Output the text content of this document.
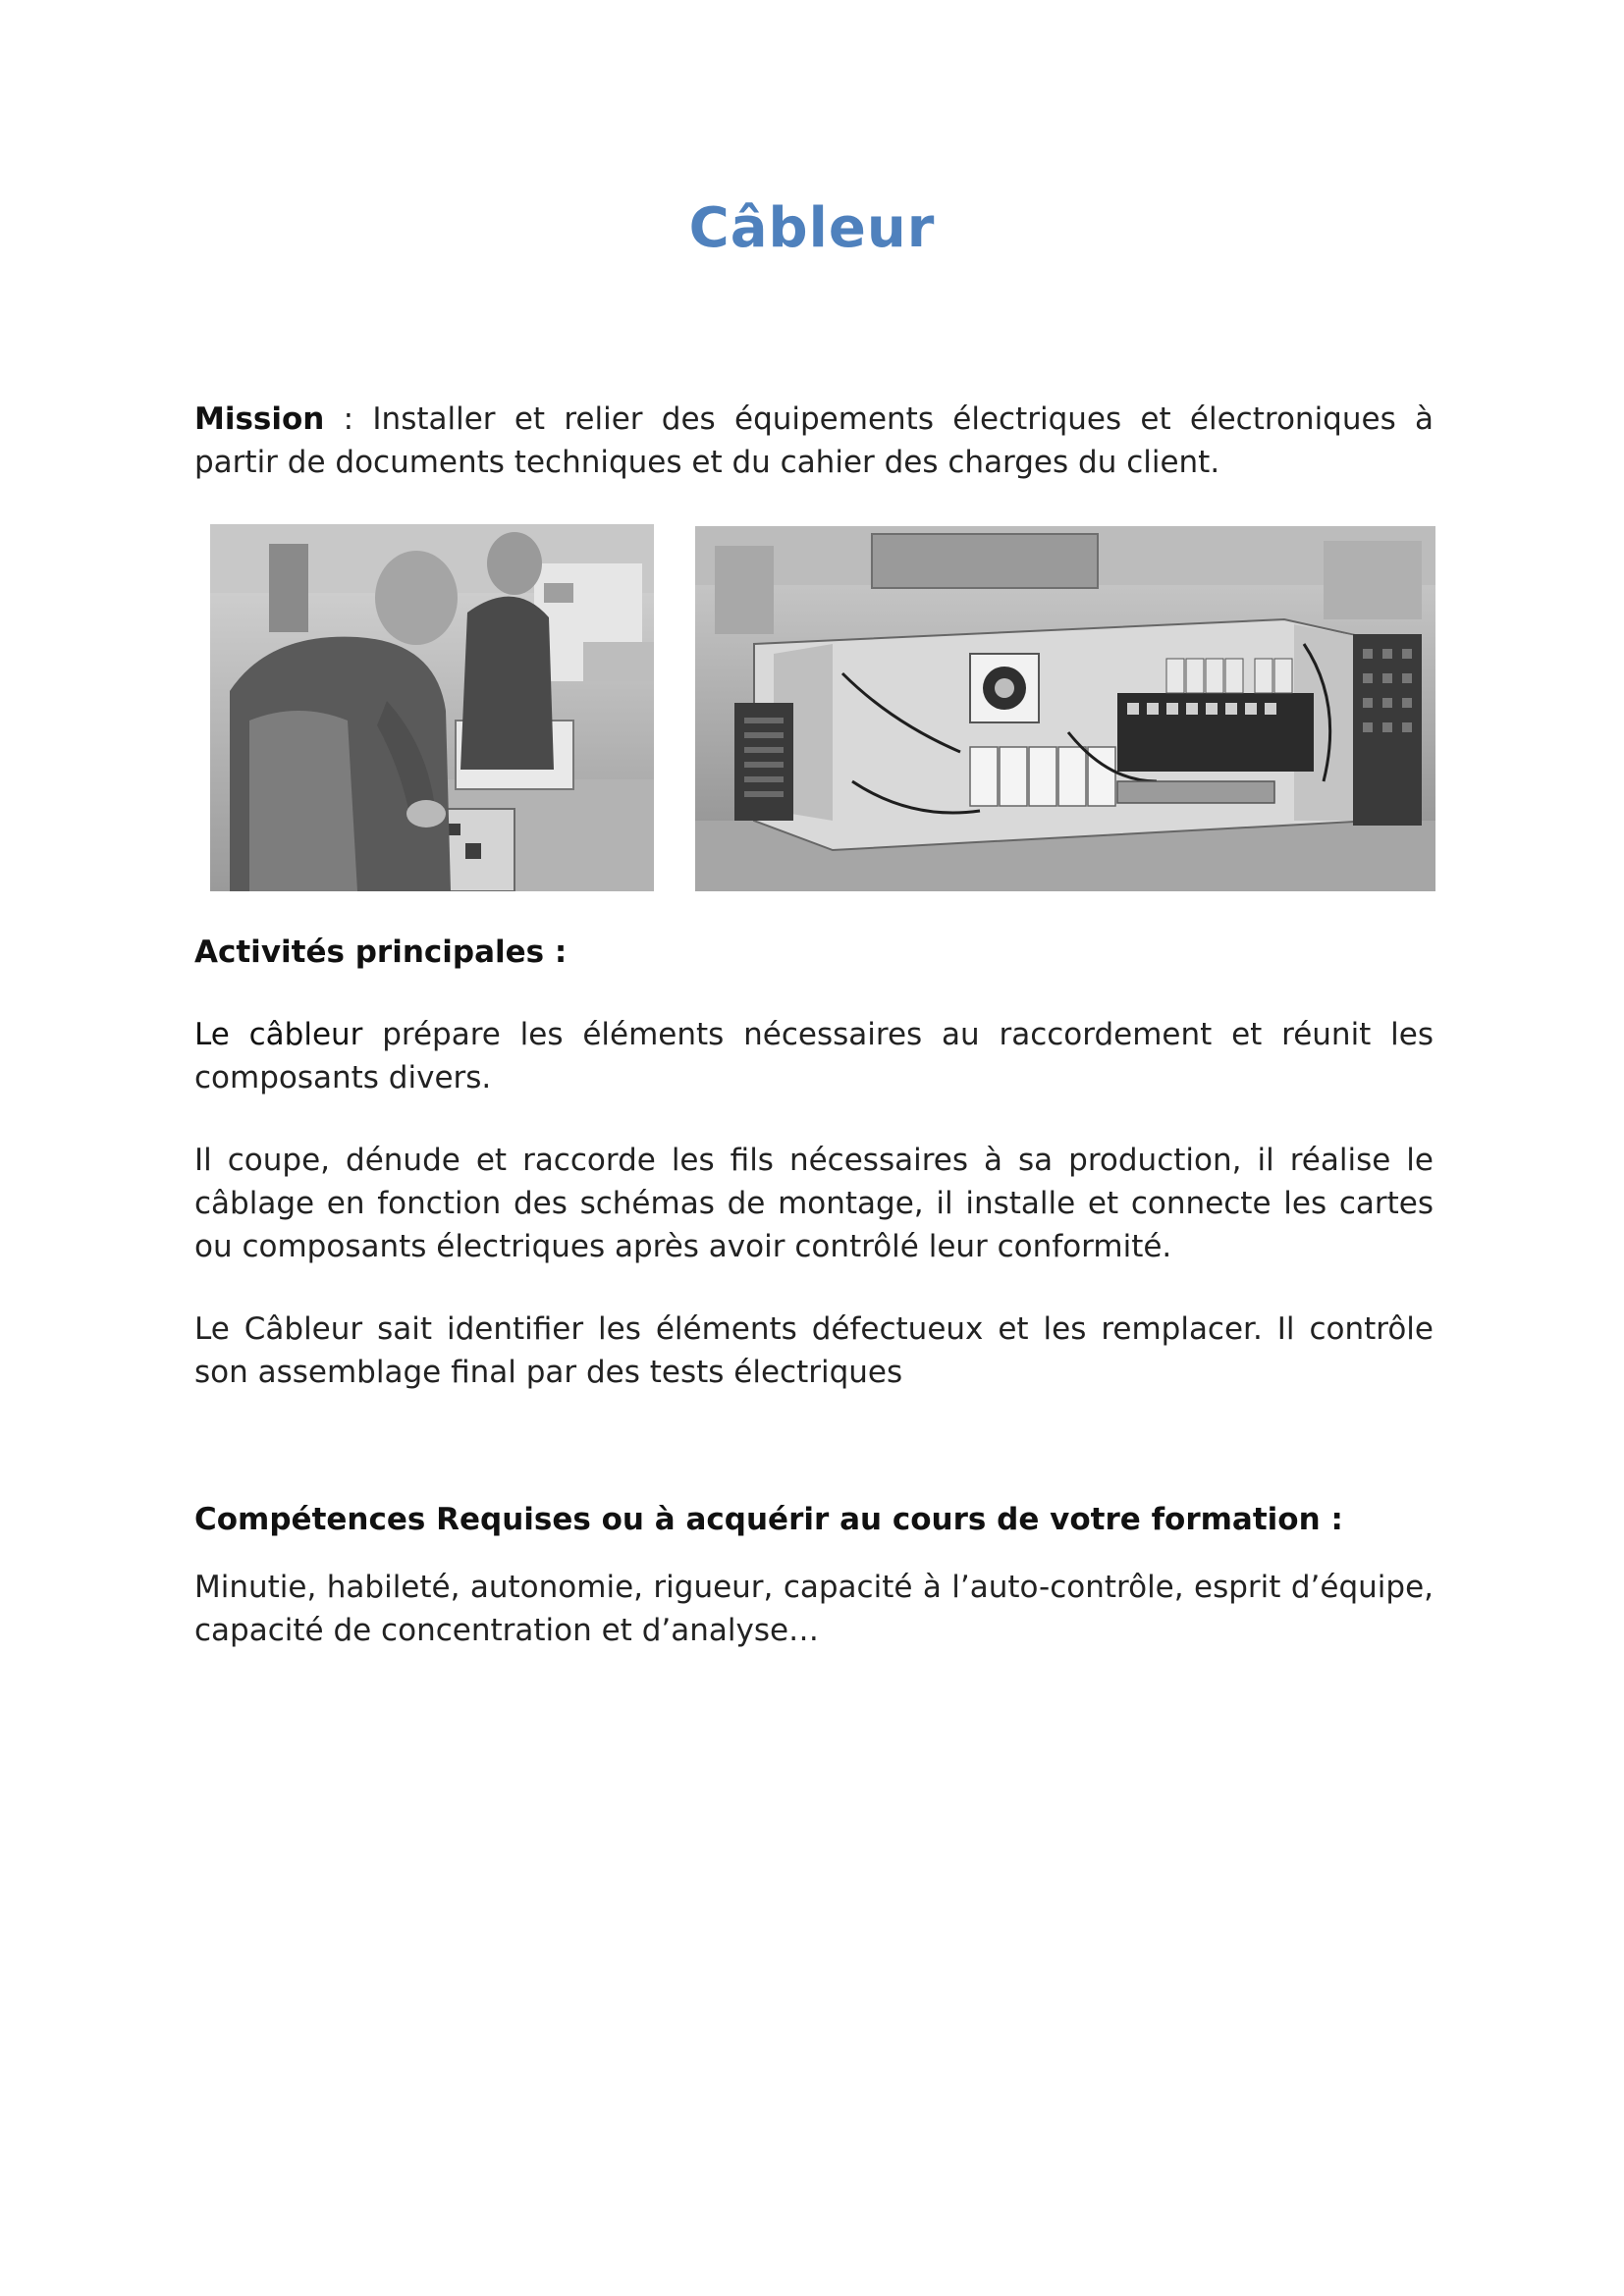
Câbleur

Mission : Installer et relier des équipements électriques et électroniques à partir de documents techniques et du cahier des charges du client.

Activités principales :

Le câbleur prépare les éléments nécessaires au raccordement et réunit les composants divers.

Il coupe, dénude et raccorde les fils nécessaires à sa production, il réalise le câblage en fonction des schémas de montage, il installe et connecte les cartes ou composants électriques après avoir contrôlé leur conformité.

Le Câbleur sait identifier les éléments défectueux et les remplacer. Il contrôle son assemblage final par des tests électriques

Compétences Requises ou à acquérir au cours de votre formation :

Minutie, habileté, autonomie, rigueur, capacité à l’auto-contrôle, esprit d’équipe, capacité de concentration et d’analyse…
